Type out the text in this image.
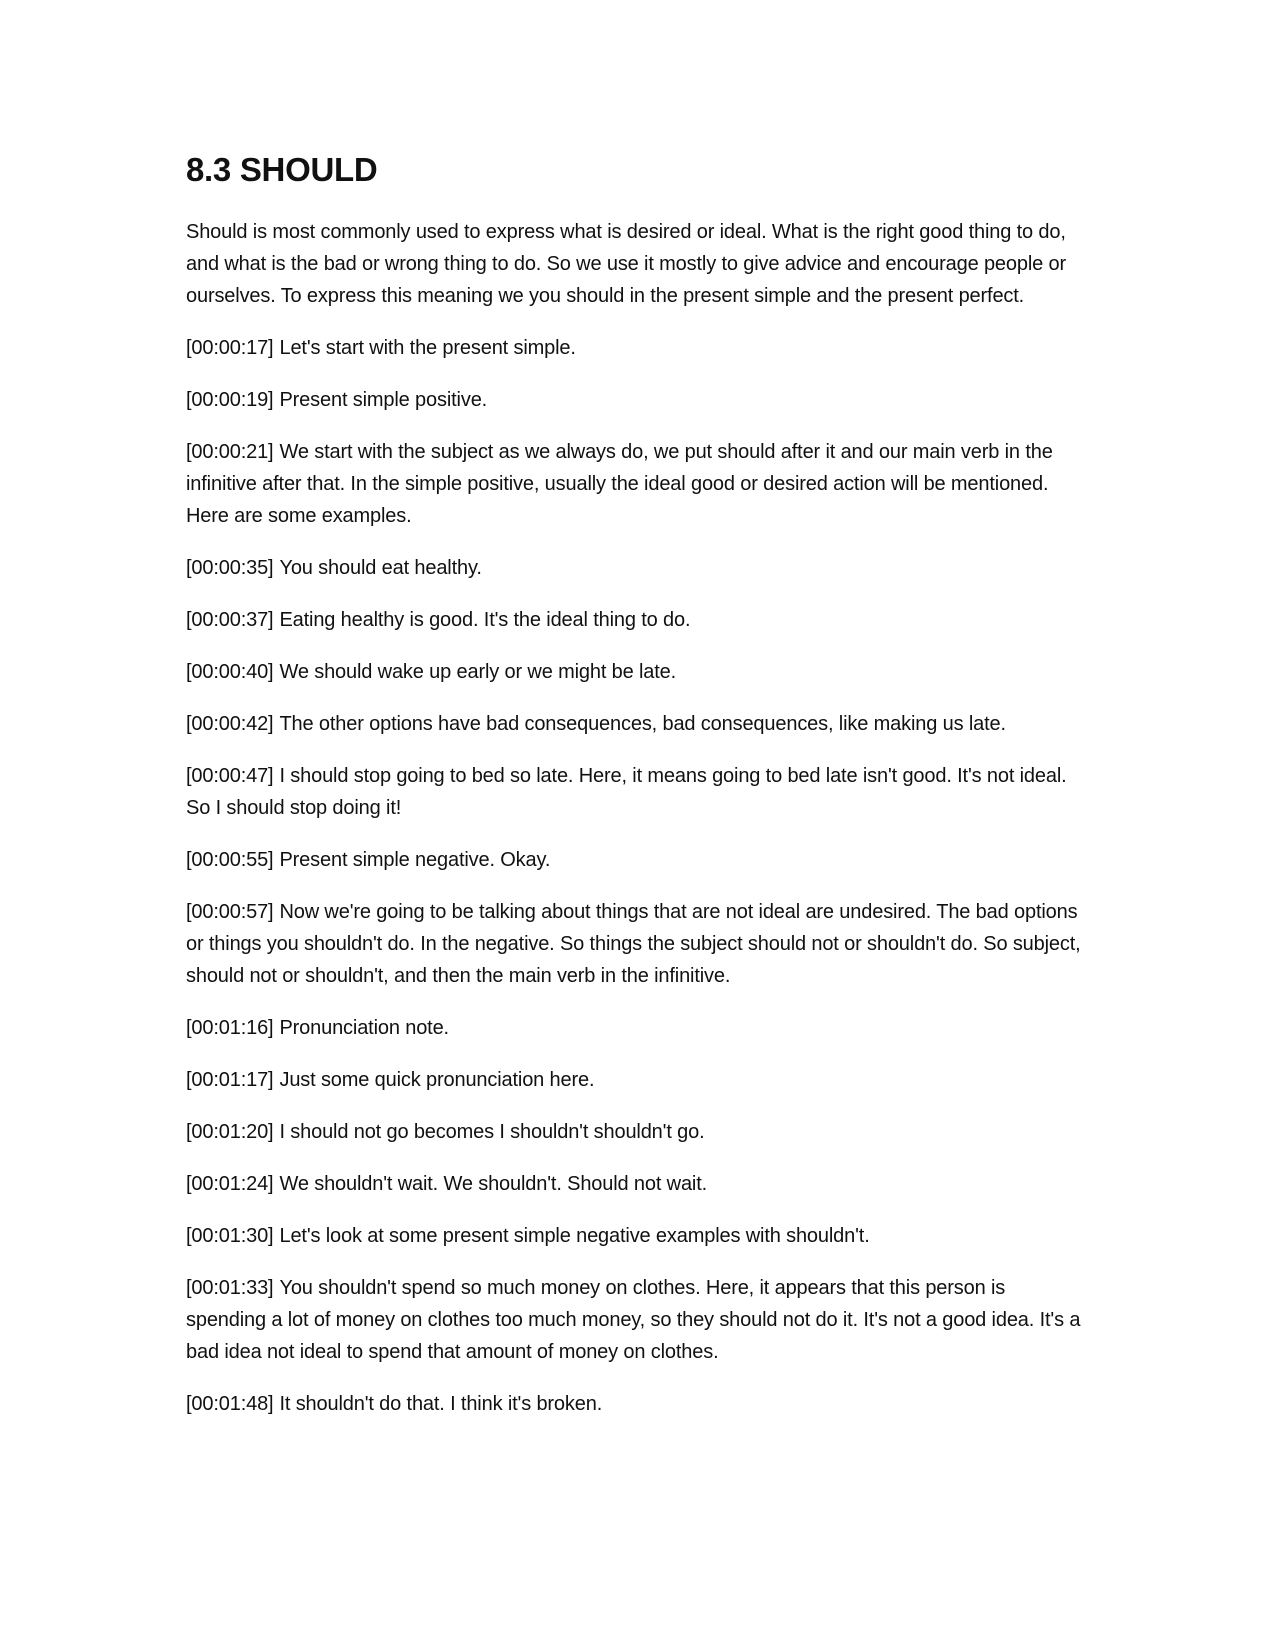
8.3 SHOULD

Should is most commonly used to express what is desired or ideal. What is the right good thing to do, and what is the bad or wrong thing to do. So we use it mostly to give advice and encourage people or ourselves. To express this meaning we you should in the present simple and the present perfect.

[00:00:17] Let's start with the present simple.

[00:00:19] Present simple positive.

[00:00:21] We start with the subject as we always do, we put should after it and our main verb in the infinitive after that. In the simple positive, usually the ideal good or desired action will be mentioned. Here are some examples.

[00:00:35] You should eat healthy.

[00:00:37] Eating healthy is good. It's the ideal thing to do.

[00:00:40] We should wake up early or we might be late.

[00:00:42] The other options have bad consequences, bad consequences, like making us late.

[00:00:47] I should stop going to bed so late. Here, it means going to bed late isn't good. It's not ideal. So I should stop doing it!

[00:00:55] Present simple negative. Okay.

[00:00:57] Now we're going to be talking about things that are not ideal are undesired. The bad options or things you shouldn't do. In the negative. So things the subject should not or shouldn't do. So subject, should not or shouldn't, and then the main verb in the infinitive.

[00:01:16] Pronunciation note.

[00:01:17] Just some quick pronunciation here.

[00:01:20] I should not go becomes I shouldn't shouldn't go.

[00:01:24] We shouldn't wait. We shouldn't. Should not wait.

[00:01:30] Let's look at some present simple negative examples with shouldn't.

[00:01:33] You shouldn't spend so much money on clothes. Here, it appears that this person is spending a lot of money on clothes too much money, so they should not do it. It's not a good idea. It's a bad idea not ideal to spend that amount of money on clothes.

[00:01:48] It shouldn't do that. I think it's broken.
